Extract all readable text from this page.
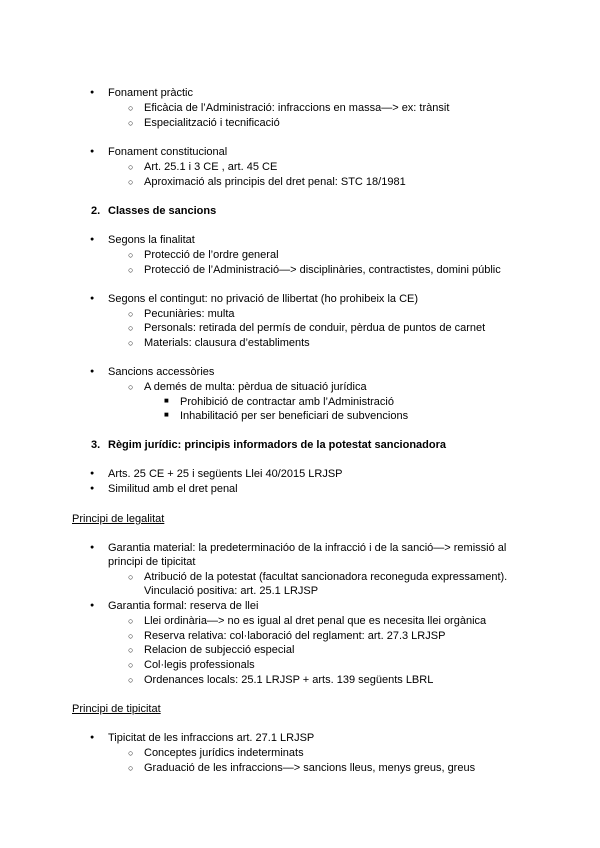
●
Fonament pràctic
○
Eficàcia de l’Administració: infraccions en massa—> ex: trànsit
○
Especialització i tecnificació
●
Fonament constitucional
○
Art. 25.1 i 3 CE , art. 45 CE
○
Aproximació als principis del dret penal: STC 18/1981
2. Classes de sancions
●
Segons la finalitat
○
Protecció de l’ordre general
○
Protecció de l’Administració—> disciplinàries, contractistes, domini públic
●
Segons el contingut: no privació de llibertat (ho prohibeix la CE)
○
Pecuniàries: multa
○
Personals: retirada del permís de conduir, pèrdua de puntos de carnet
○
Materials: clausura d’establiments
●
Sancions accessòries
○
A demés de multa: pèrdua de situació jurídica
■
Prohibició de contractar amb l’Administració
■
Inhabilitació per ser beneficiari de subvencions
3. Règim jurídic: principis informadors de la potestat sancionadora
●
Arts. 25 CE + 25 i següents Llei 40/2015 LRJSP
●
Similitud amb el dret penal
Principi de legalitat
●
Garantia material: la predeterminacióo de la infracció i de la sanció—> remissió al
principi de tipicitat
○
Atribució de la potestat (facultat sancionadora reconeguda expressament).
Vinculació positiva: art. 25.1 LRJSP
●
Garantia formal: reserva de llei
○
Llei ordinària—> no es igual al dret penal que es necesita llei orgànica
○
Reserva relativa: col·laboració del reglament: art. 27.3 LRJSP
○
Relacion de subjecció especial
○
Col·legis professionals
○
Ordenances locals: 25.1 LRJSP + arts. 139 següents LBRL
Principi de tipicitat
●
Tipicitat de les infraccions art. 27.1 LRJSP
○
Conceptes jurídics indeterminats
○
Graduació de les infraccions—> sancions lleus, menys greus, greus
